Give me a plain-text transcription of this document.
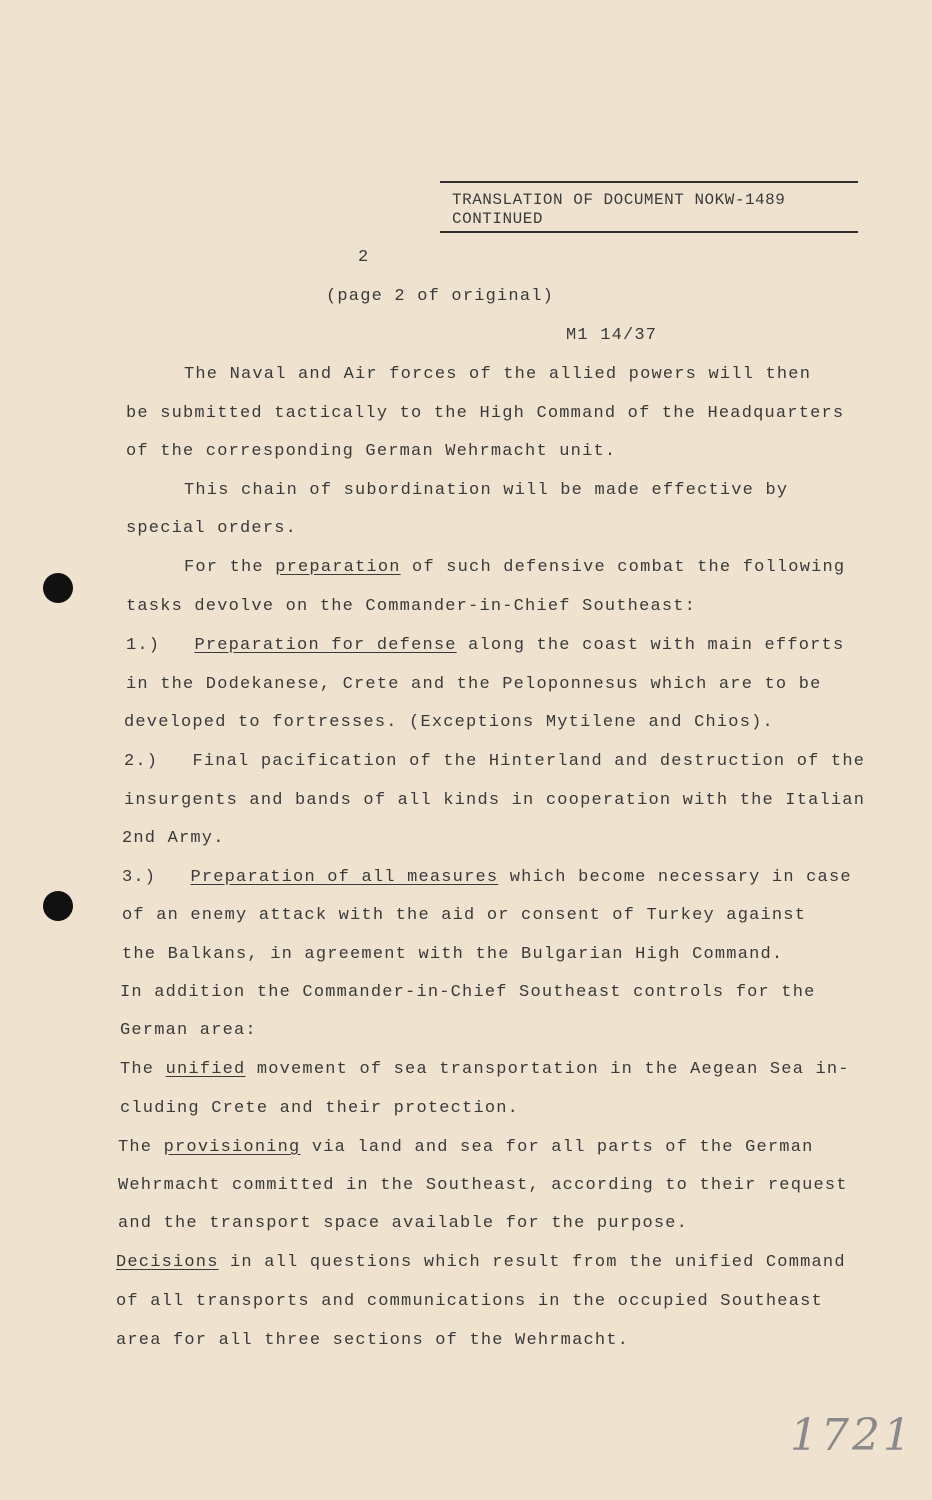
TRANSLATION OF DOCUMENT NOKW-1489
CONTINUED
2
(page 2 of original)
M1 14/37
The Naval and Air forces of the allied powers will then
be submitted tactically to the High Command of the Headquarters
of the corresponding German Wehrmacht unit.
This chain of subordination will be made effective by
special orders.
For the preparation of such defensive combat the following
tasks devolve on the Commander-in-Chief Southeast:
1.) Preparation for defense along the coast with main efforts
in the Dodekanese, Crete and the Peloponnesus which are to be
developed to fortresses. (Exceptions Mytilene and Chios).
2.) Final pacification of the Hinterland and destruction of the
insurgents and bands of all kinds in cooperation with the Italian
2nd Army.
3.) Preparation of all measures which become necessary in case
of an enemy attack with the aid or consent of Turkey against
the Balkans, in agreement with the Bulgarian High Command.
In addition the Commander-in-Chief Southeast controls for the
German area:
The unified movement of sea transportation in the Aegean Sea in-
cluding Crete and their protection.
The provisioning via land and sea for all parts of the German
Wehrmacht committed in the Southeast, according to their request
and the transport space available for the purpose.
Decisions in all questions which result from the unified Command
of all transports and communications in the occupied Southeast
area for all three sections of the Wehrmacht.
1721
